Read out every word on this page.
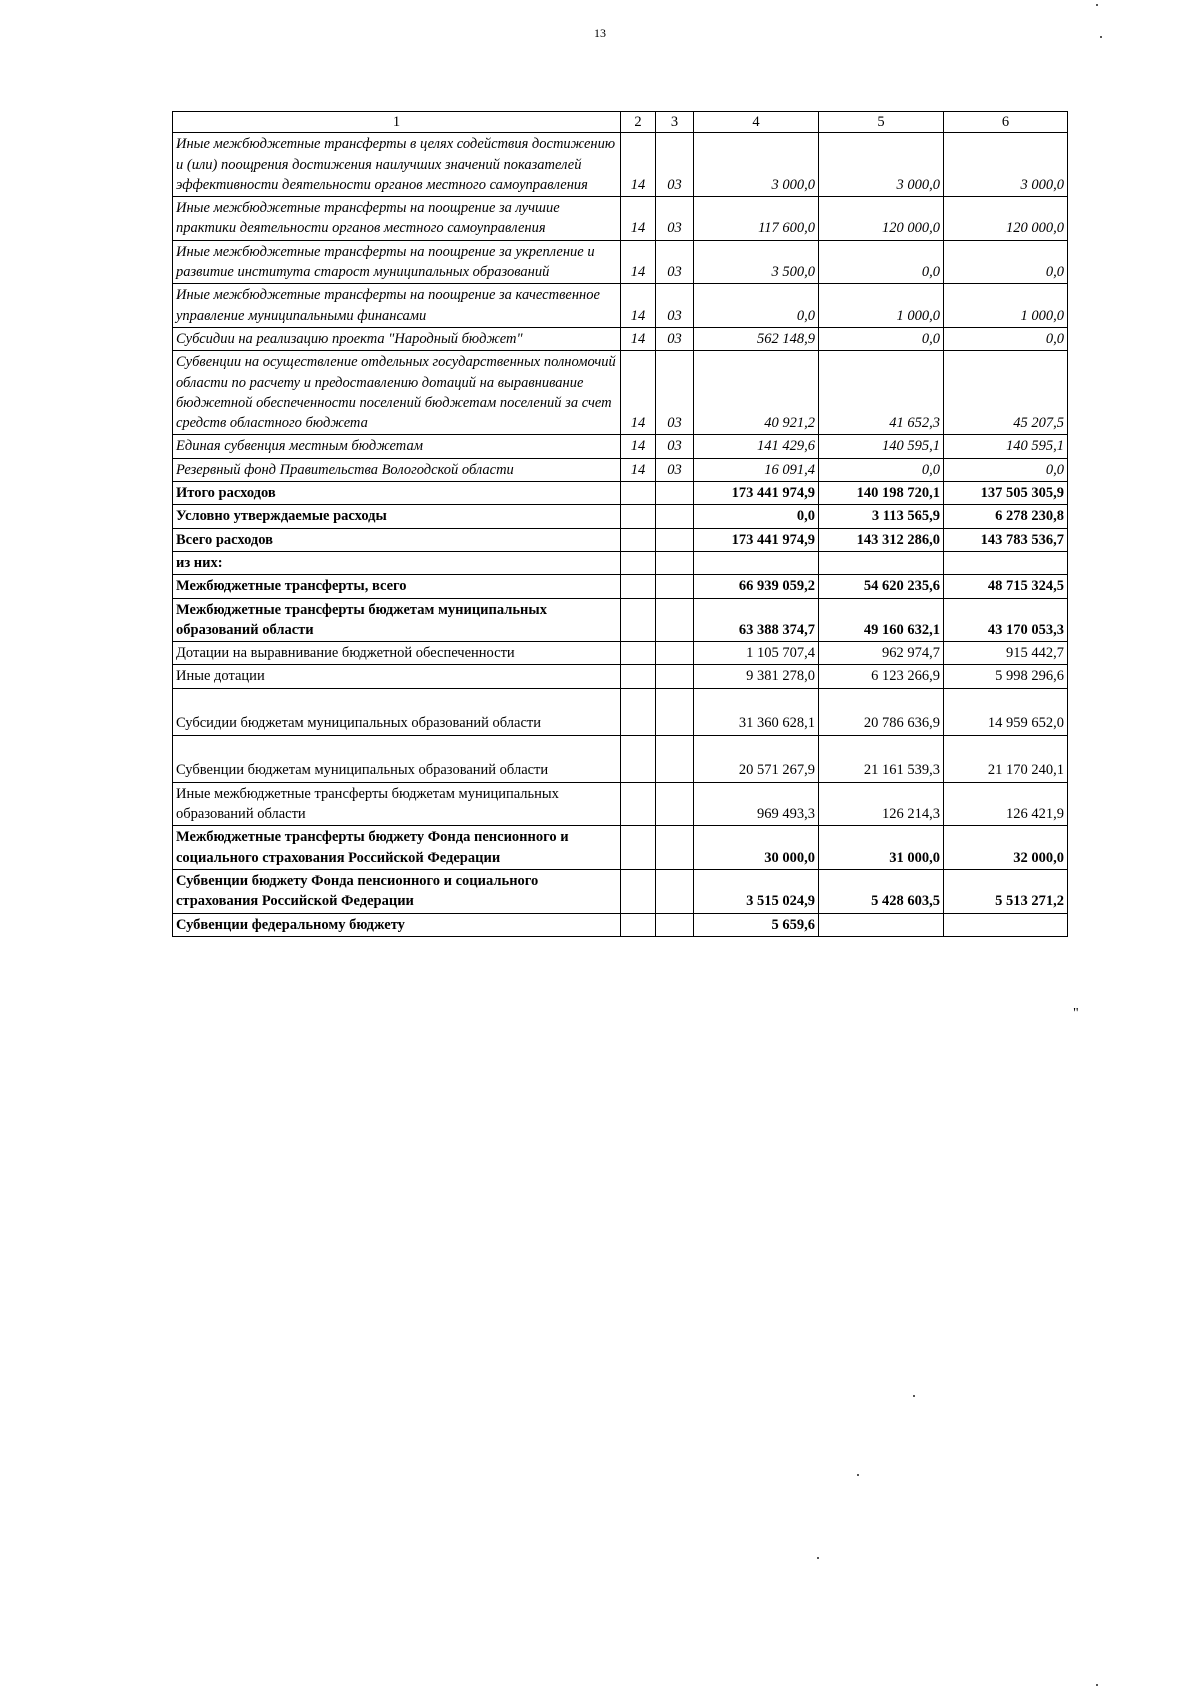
13
1	2	3	4	5	6
Иные межбюджетные трансферты в целях содействия достижению и (или) поощрения достижения наилучших значений показателей эффективности деятельности органов местного самоуправления	14	03	3 000,0	3 000,0	3 000,0
Иные межбюджетные трансферты на поощрение за лучшие практики деятельности органов местного самоуправления	14	03	117 600,0	120 000,0	120 000,0
Иные межбюджетные трансферты на поощрение за укрепление и развитие института старост муниципальных образований	14	03	3 500,0	0,0	0,0
Иные межбюджетные трансферты на поощрение за качественное управление муниципальными финансами	14	03	0,0	1 000,0	1 000,0
Субсидии на реализацию проекта "Народный бюджет"	14	03	562 148,9	0,0	0,0
Субвенции на осуществление отдельных государственных полномочий области по расчету и предоставлению дотаций на выравнивание бюджетной обеспеченности поселений бюджетам поселений за счет средств областного бюджета	14	03	40 921,2	41 652,3	45 207,5
Единая субвенция местным бюджетам	14	03	141 429,6	140 595,1	140 595,1
Резервный фонд Правительства Вологодской области	14	03	16 091,4	0,0	0,0
Итого расходов			173 441 974,9	140 198 720,1	137 505 305,9
Условно утверждаемые расходы			0,0	3 113 565,9	6 278 230,8
Всего расходов			173 441 974,9	143 312 286,0	143 783 536,7
из них:					
Межбюджетные трансферты, всего			66 939 059,2	54 620 235,6	48 715 324,5
Межбюджетные трансферты бюджетам муниципальных образований области			63 388 374,7	49 160 632,1	43 170 053,3
Дотации на выравнивание бюджетной обеспеченности			1 105 707,4	962 974,7	915 442,7
Иные дотации			9 381 278,0	6 123 266,9	5 998 296,6
Субсидии бюджетам муниципальных образований области			31 360 628,1	20 786 636,9	14 959 652,0
Субвенции бюджетам муниципальных образований области			20 571 267,9	21 161 539,3	21 170 240,1
Иные межбюджетные трансферты бюджетам муниципальных образований области			969 493,3	126 214,3	126 421,9
Межбюджетные трансферты бюджету Фонда пенсионного и социального страхования Российской Федерации			30 000,0	31 000,0	32 000,0
Субвенции бюджету Фонда пенсионного и социального страхования Российской Федерации			3 515 024,9	5 428 603,5	5 513 271,2
Субвенции федеральному бюджету			5 659,6		
"
